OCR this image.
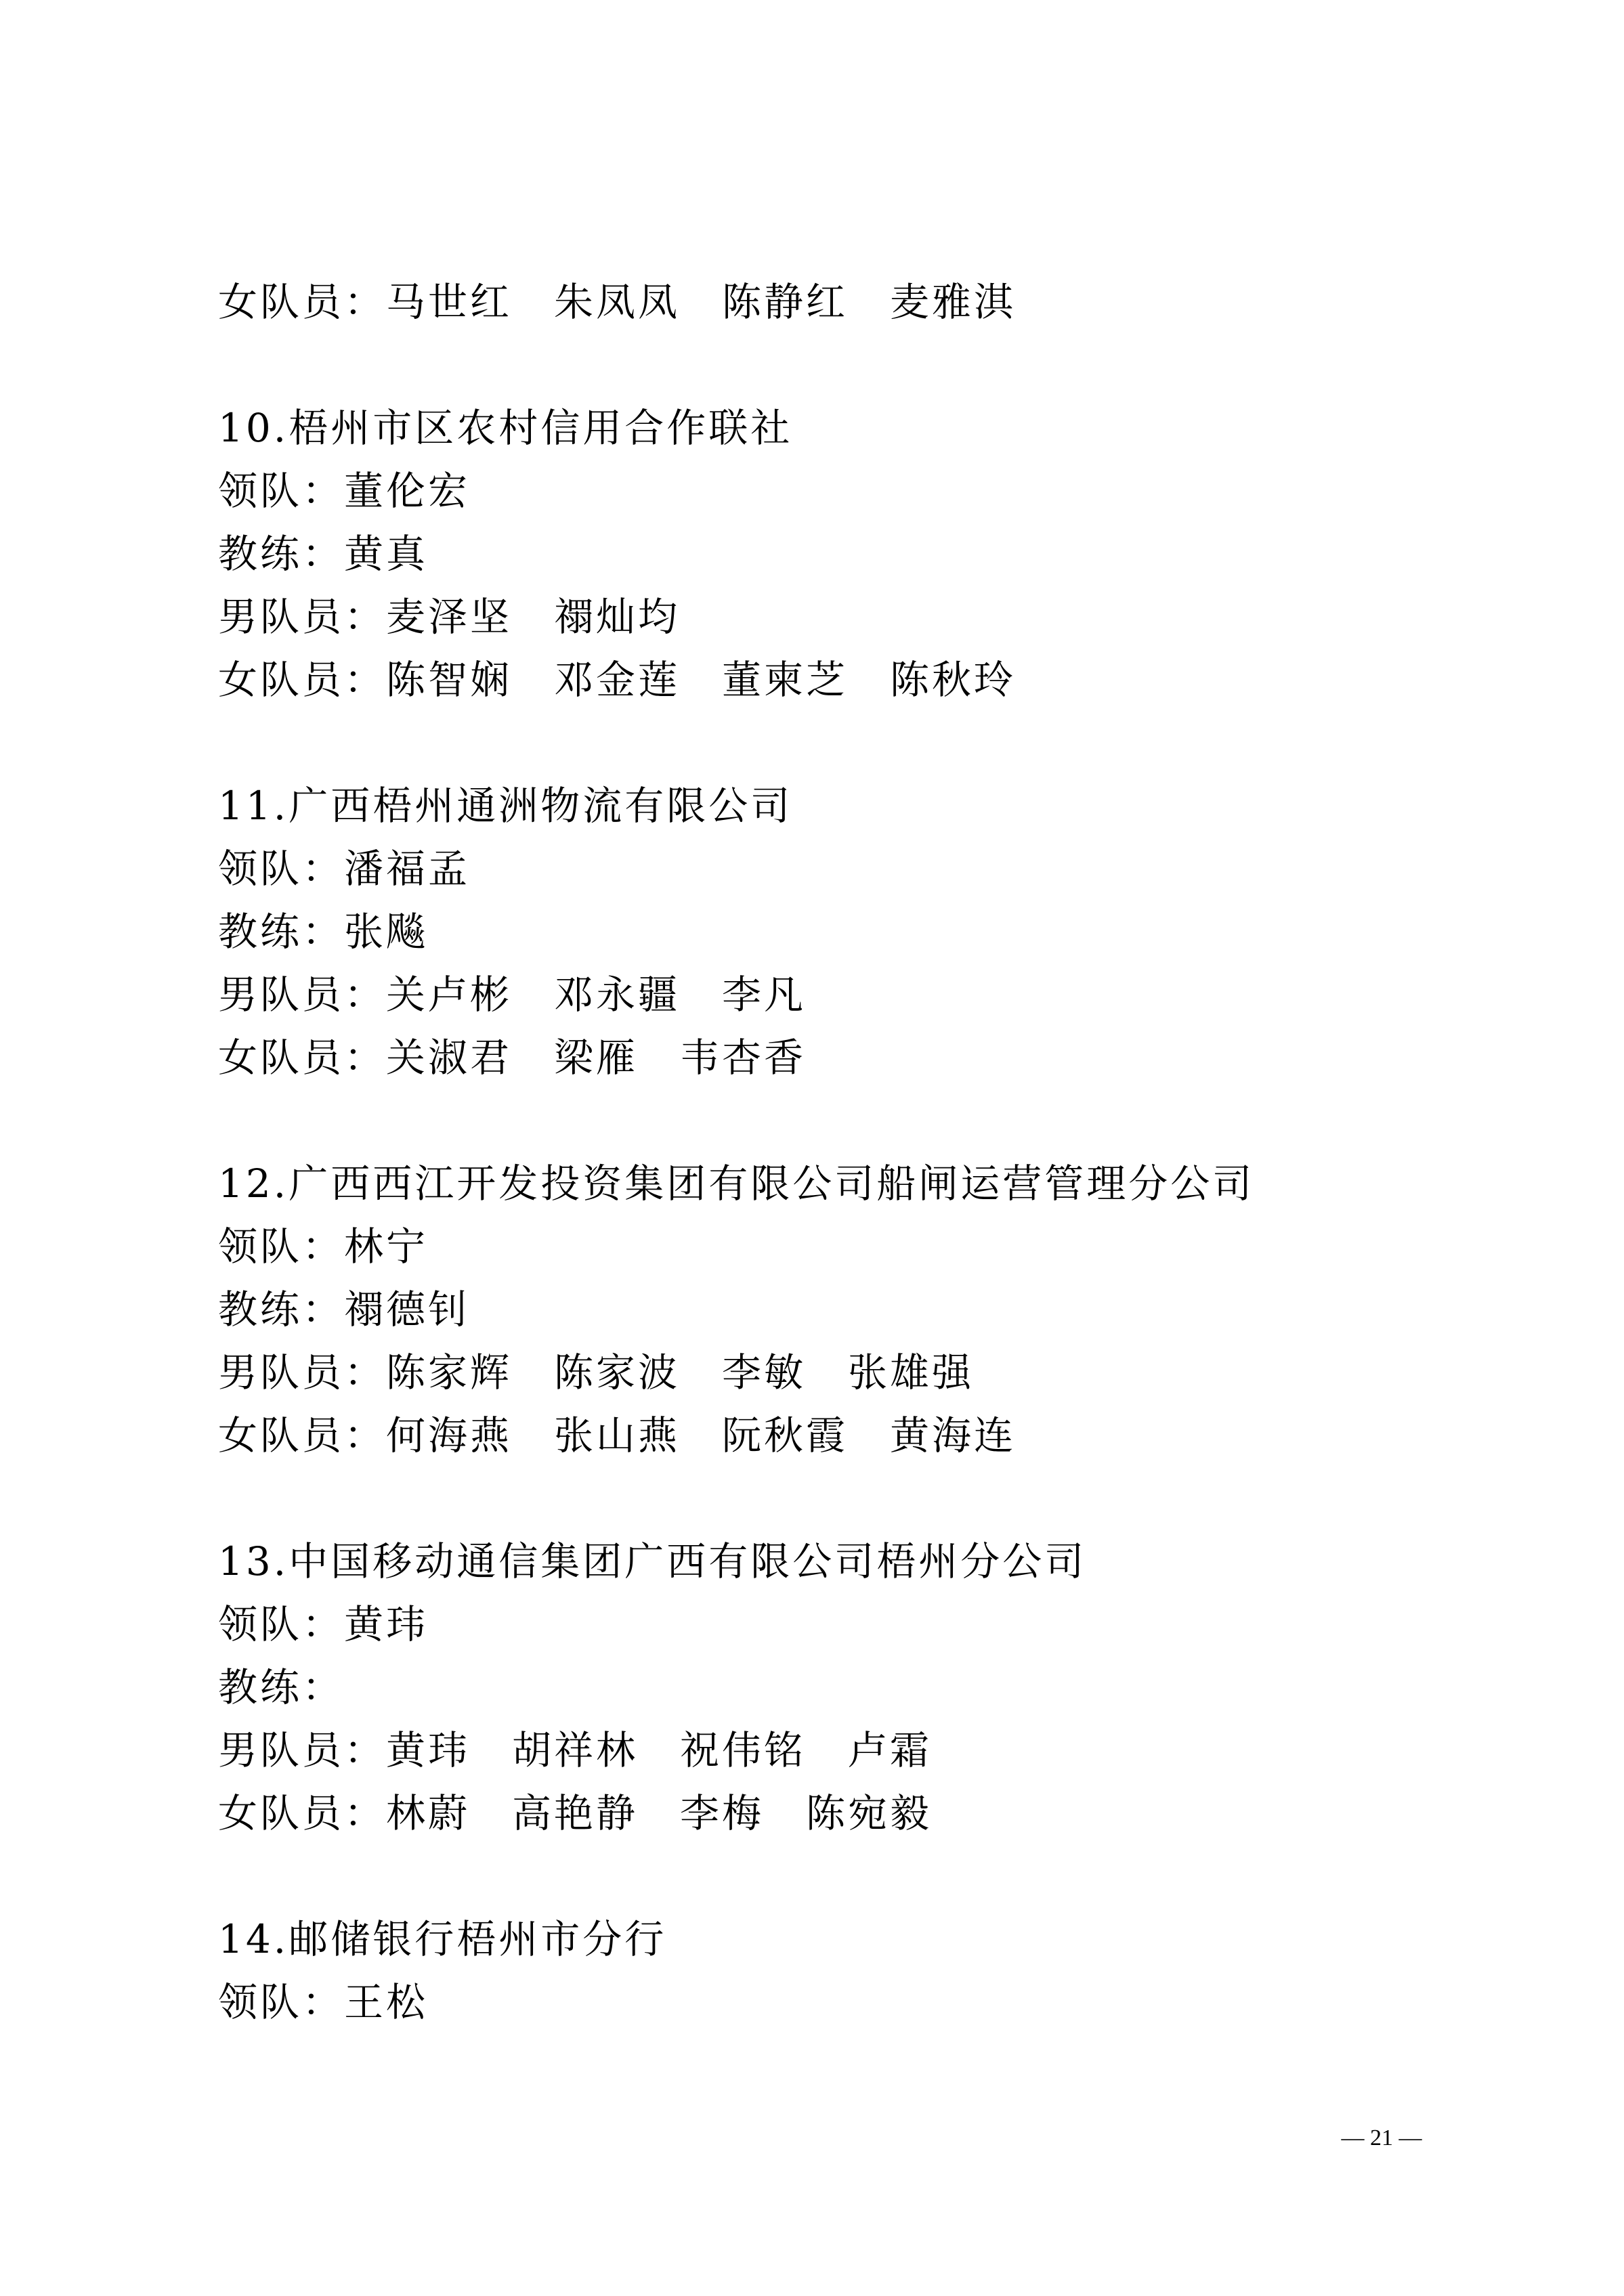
女队员：马世红　朱凤凤　陈静红　麦雅淇
10.梧州市区农村信用合作联社
领队：董伦宏
教练：黄真
男队员：麦泽坚　禤灿均
女队员：陈智娴　邓金莲　董柬芝　陈秋玲
11.广西梧州通洲物流有限公司
领队：潘福孟
教练：张飚
男队员：关卢彬　邓永疆　李凡
女队员：关淑君　梁雁　韦杏香
12.广西西江开发投资集团有限公司船闸运营管理分公司
领队：林宁
教练：禤德钊
男队员：陈家辉　陈家波　李敏　张雄强
女队员：何海燕　张山燕　阮秋霞　黄海连
13.中国移动通信集团广西有限公司梧州分公司
领队：黄玮
教练：
男队员：黄玮　胡祥林　祝伟铭　卢霜
女队员：林蔚　高艳静　李梅　陈宛毅
14.邮储银行梧州市分行
领队：王松
— 21 —
